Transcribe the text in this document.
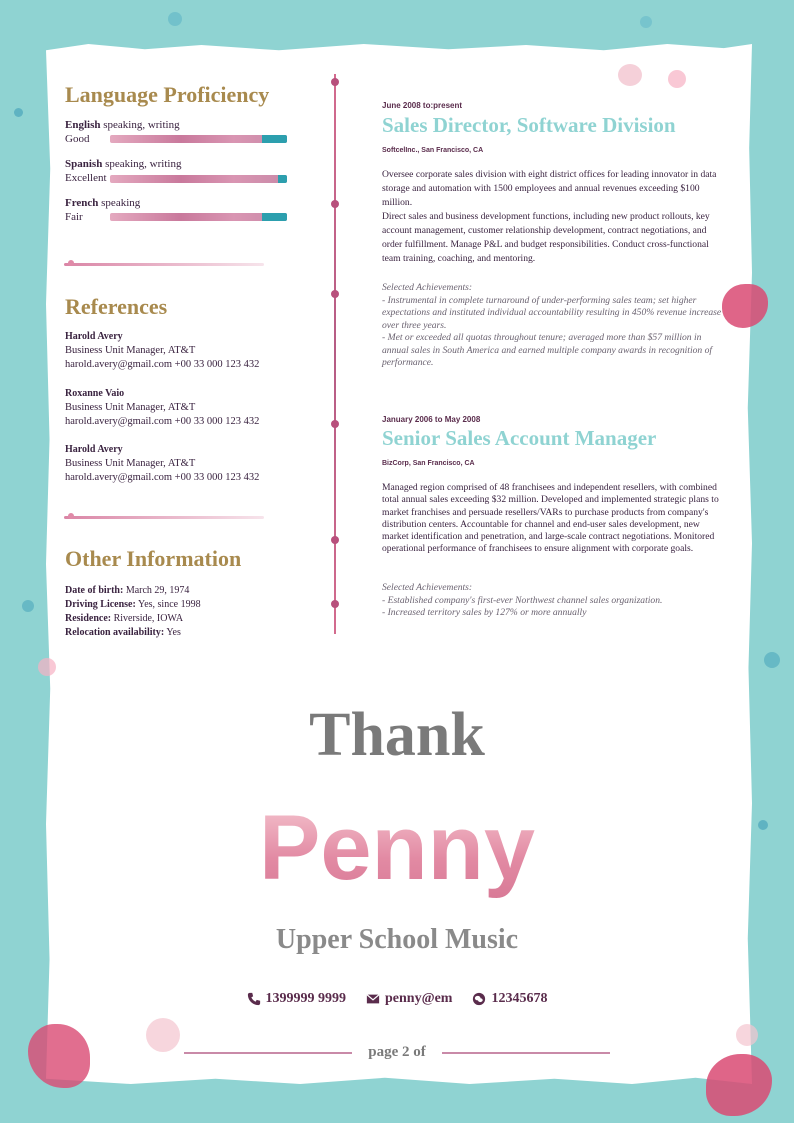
Language Proficiency
English speaking, writing
Good
Spanish speaking, writing
Excellent
French speaking
Fair
References
Harold Avery
Business Unit Manager, AT&T
harold.avery@gmail.com +00 33 000 123 432
Roxanne Vaio
Business Unit Manager, AT&T
harold.avery@gmail.com +00 33 000 123 432
Harold Avery
Business Unit Manager, AT&T
harold.avery@gmail.com +00 33 000 123 432
Other Information
Date of birth: March 29, 1974
Driving License: Yes, since 1998
Residence: Riverside, IOWA
Relocation availability: Yes
June 2008 to:present
Sales Director, Software Division
SoftcelInc., San Francisco, CA
Oversee corporate sales division with eight district offices for leading innovator in data storage and automation with 1500 employees and annual revenues exceeding $100 million.
Direct sales and business development functions, including new product rollouts, key account management, customer relationship development, contract negotiations, and order fulfillment. Manage P&L and budget responsibilities. Conduct cross-functional team training, coaching, and mentoring.
Selected Achievements:
- Instrumental in complete turnaround of under-performing sales team; set higher expectations and instituted individual accountability resulting in 450% revenue increase over three years.
- Met or exceeded all quotas throughout tenure; averaged more than $57 million in annual sales in South America and earned multiple company awards in recognition of performance.
January 2006 to May 2008
Senior Sales Account Manager
BizCorp, San Francisco, CA
Managed region comprised of 48 franchisees and independent resellers, with combined total annual sales exceeding $32 million. Developed and implemented strategic plans to market franchises and persuade resellers/VARs to purchase products from company's distribution centers. Accountable for channel and end-user sales development, new market identification and penetration, and large-scale contract negotiations. Monitored operational performance of franchisees to ensure alignment with corporate goals.
Selected Achievements:
- Established company's first-ever Northwest channel sales organization.
- Increased territory sales by 127% or more annually
Thank
Penny
Upper School Music
1399999 9999	penny@em	12345678
page 2 of
